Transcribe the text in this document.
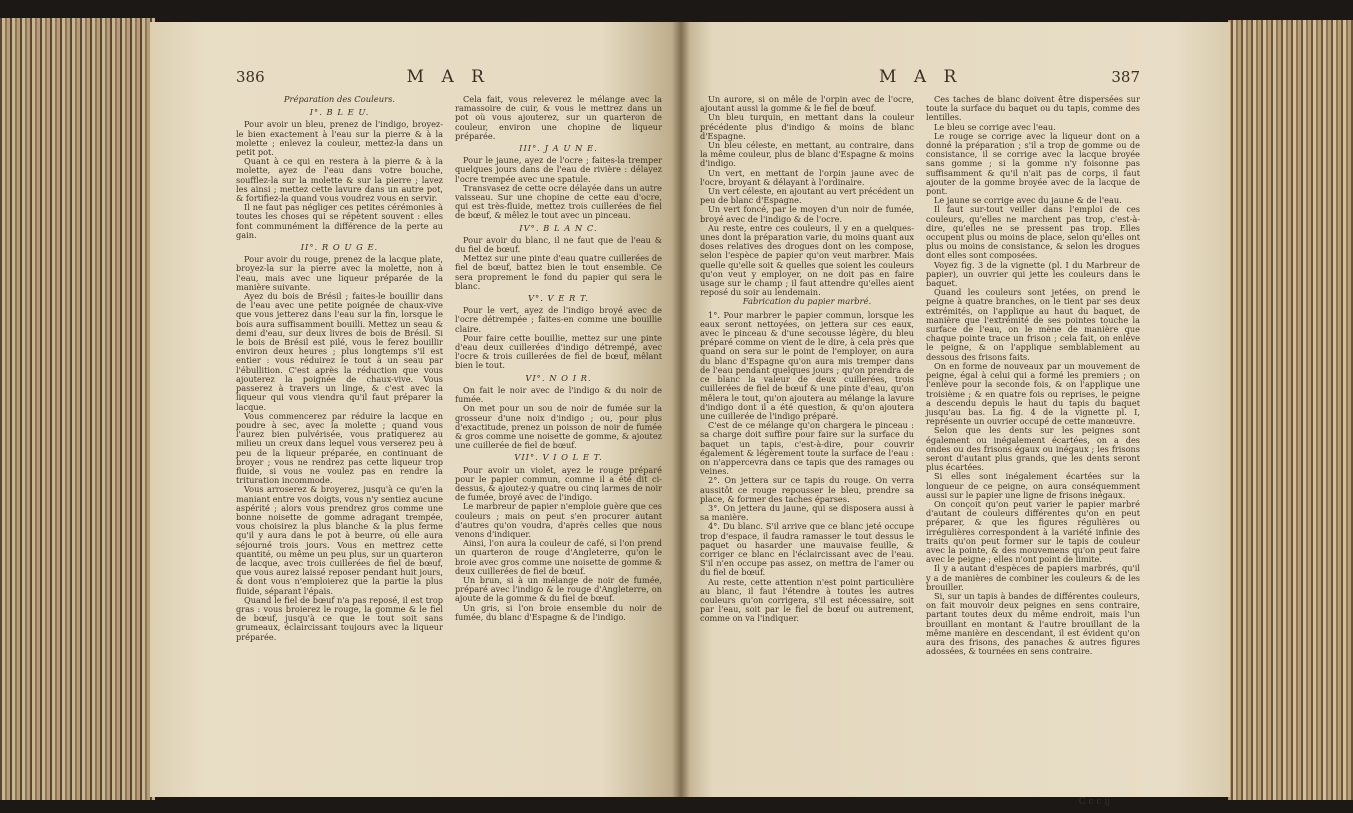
386	M A R
Préparation des Couleurs.
I°. B L E U.

Pour avoir un bleu, prenez de l'indigo, broyez-le bien exactement à l'eau sur la pierre & à la molette ; enlevez la couleur, mettez-la dans un petit pot.

Quant à ce qui en restera à la pierre & à la molette, ayez de l'eau dans votre bouche, soufflez-la sur la molette & sur la pierre ; lavez les ainsi ; mettez cette lavure dans un autre pot, & fortifiez-la quand vous voudrez vous en servir.

Il ne faut pas négliger ces petites cérémonies à toutes les choses qui se répètent souvent : elles font communément la différence de la perte au gain.

II°. R O U G E.

Pour avoir du rouge, prenez de la lacque plate, broyez-la sur la pierre avec la molette, non à l'eau, mais avec une liqueur préparée de la manière suivante.

Ayez du bois de Brésil ; faites-le bouillir dans de l'eau avec une petite poignée de chaux-vive que vous jetterez dans l'eau sur la fin, lorsque le bois aura suffisamment bouilli. Mettez un seau & demi d'eau, sur deux livres de bois de Brésil. Si le bois de Brésil est pilé, vous le ferez bouillir environ deux heures ; plus longtemps s'il est entier : vous réduirez le tout à un seau par l'ébullition. C'est après la réduction que vous ajouterez la poignée de chaux-vive. Vous passerez à travers un linge, & c'est avec la liqueur qui vous viendra qu'il faut préparer la lacque.

Vous commencerez par réduire la lacque en poudre à sec, avec la molette ; quand vous l'aurez bien pulvérisée, vous pratiquerez au milieu un creux dans lequel vous verserez peu à peu de la liqueur préparée, en continuant de broyer ; vous ne rendrez pas cette liqueur trop fluide, si vous ne voulez pas en rendre la trituration incommode.

Vous arroserez & broyerez, jusqu'à ce qu'en la maniant entre vos doigts, vous n'y sentiez aucune aspérité ; alors vous prendrez gros comme une bonne noisette de gomme adragant trempée, vous choisirez la plus blanche & la plus ferme qu'il y aura dans le pot à beurre, où elle aura séjourné trois jours. Vous en mettrez cette quantité, ou même un peu plus, sur un quarteron de lacque, avec trois cuillerées de fiel de bœuf, que vous aurez laissé reposer pendant huit jours, & dont vous n'emploierez que la partie la plus fluide, séparant l'épais.

Quand le fiel de bœuf n'a pas reposé, il est trop gras : vous broierez le rouge, la gomme & le fiel de bœuf, jusqu'à ce que le tout soit sans grumeaux, éclaircissant toujours avec la liqueur préparée.

Cela fait, vous releverez le mélange avec la ramassoire de cuir, & vous le mettrez dans un pot où vous ajouterez, sur un quarteron de couleur, environ une chopine de liqueur préparée.

III°. J A U N E.

Pour le jaune, ayez de l'ocre ; faites-la tremper quelques jours dans de l'eau de rivière : délayez l'ocre trempée avec une spatule.

Transvasez de cette ocre délayée dans un autre vaisseau. Sur une chopine de cette eau d'ocre, qui est très-fluide, mettez trois cuillerées de fiel de bœuf, & mêlez le tout avec un pinceau.

IV°. B L A N C.

Pour avoir du blanc, il ne faut que de l'eau & du fiel de bœuf.

Mettez sur une pinte d'eau quatre cuillerées de fiel de bœuf, battez bien le tout ensemble. Ce sera proprement le fond du papier qui sera le blanc.

V°. V E R T.

Pour le vert, ayez de l'indigo broyé avec de l'ocre détrempée ; faites-en comme une bouillie claire.

Pour faire cette bouillie, mettez sur une pinte d'eau deux cuillerées d'indigo détrempé, avec l'ocre & trois cuillerées de fiel de bœuf, mêlant bien le tout.

VI°. N O I R.

On fait le noir avec de l'indigo & du noir de fumée.

On met pour un sou de noir de fumée sur la grosseur d'une noix d'indigo ; ou, pour plus d'exactitude, prenez un poisson de noir de fumée & gros comme une noisette de gomme, & ajoutez une cuillerée de fiel de bœuf.

VII°. V I O L E T.

Pour avoir un violet, ayez le rouge préparé pour le papier commun, comme il a été dit ci-dessus, & ajoutez-y quatre ou cinq larmes de noir de fumée, broyé avec de l'indigo.

Le marbreur de papier n'emploie guère que ces couleurs ; mais on peut s'en procurer autant d'autres qu'on voudra, d'après celles que nous venons d'indiquer.

Ainsi, l'on aura la couleur de café, si l'on prend un quarteron de rouge d'Angleterre, qu'on le broie avec gros comme une noisette de gomme & deux cuillerées de fiel de bœuf.

Un brun, si à un mélange de noir de fumée, préparé avec l'indigo & le rouge d'Angleterre, on ajoute de la gomme & du fiel de bœuf.

Un gris, si l'on broie ensemble du noir de fumée, du blanc d'Espagne & de l'indigo.

M A R	387

Un aurore, si on mêle de l'orpin avec de l'ocre, ajoutant aussi la gomme & le fiel de bœuf.

Un bleu turquin, en mettant dans la couleur précédente plus d'indigo & moins de blanc d'Espagne.

Un bleu céleste, en mettant, au contraire, dans la même couleur, plus de blanc d'Espagne & moins d'indigo.

Un vert, en mettant de l'orpin jaune avec de l'ocre, broyant & délayant à l'ordinaire.

Un vert céleste, en ajoutant au vert précédent un peu de blanc d'Espagne.

Un vert foncé, par le moyen d'un noir de fumée, broyé avec de l'indigo & de l'ocre.

Au reste, entre ces couleurs, il y en a quelques-unes dont la préparation varie, du moins quant aux doses relatives des drogues dont on les compose, selon l'espèce de papier qu'on veut marbrer. Mais quelle qu'elle soit & quelles que soient les couleurs qu'on veut y employer, on ne doit pas en faire usage sur le champ ; il faut attendre qu'elles aient reposé du soir au lendemain.

Fabrication du papier marbré.

1°. Pour marbrer le papier commun, lorsque les eaux seront nettoyées, on jettera sur ces eaux, avec le pinceau & d'une secousse légère, du bleu préparé comme on vient de le dire, à cela près que quand on sera sur le point de l'employer, on aura du blanc d'Espagne qu'on aura mis tremper dans de l'eau pendant quelques jours ; qu'on prendra de ce blanc la valeur de deux cuillerées, trois cuillerées de fiel de bœuf & une pinte d'eau, qu'on mêlera le tout, qu'on ajoutera au mélange la lavure d'indigo dont il a été question, & qu'on ajoutera une cuillerée de l'indigo préparé.

C'est de ce mélange qu'on chargera le pinceau : sa charge doit suffire pour faire sur la surface du baquet un tapis, c'est-à-dire, pour couvrir également & légèrement toute la surface de l'eau : on n'appercevra dans ce tapis que des ramages ou veines.

2°. On jettera sur ce tapis du rouge. On verra aussitôt ce rouge repousser le bleu, prendre sa place, & former des taches éparses.

3°. On jettera du jaune, qui se disposera aussi à sa manière.

4°. Du blanc. S'il arrive que ce blanc jeté occupe trop d'espace, il faudra ramasser le tout dessus le paquet ou hasarder une mauvaise feuille, & corriger ce blanc en l'éclaircissant avec de l'eau. S'il n'en occupe pas assez, on mettra de l'amer ou du fiel de bœuf.

Au reste, cette attention n'est point particulière au blanc, il faut l'étendre à toutes les autres couleurs qu'on corrigera, s'il est nécessaire, soit par l'eau, soit par le fiel de bœuf ou autrement, comme on va l'indiquer.

Ces taches de blanc doivent être dispersées sur toute la surface du baquet ou du tapis, comme des lentilles.

Le bleu se corrige avec l'eau.

Le rouge se corrige avec la liqueur dont on a donné la préparation ; s'il a trop de gomme ou de consistance, il se corrige avec la lacque broyée sans gomme ; si la gomme n'y foisonne pas suffisamment & qu'il n'ait pas de corps, il faut ajouter de la gomme broyée avec de la lacque de pont.

Le jaune se corrige avec du jaune & de l'eau.

Il faut sur-tout veiller dans l'emploi de ces couleurs, qu'elles ne marchent pas trop, c'est-à-dire, qu'elles ne se pressent pas trop. Elles occupent plus ou moins de place, selon qu'elles ont plus ou moins de consistance, & selon les drogues dont elles sont composées.

Voyez fig. 3 de la vignette (pl. I du Marbreur de papier), un ouvrier qui jette les couleurs dans le baquet.

Quand les couleurs sont jetées, on prend le peigne à quatre branches, on le tient par ses deux extrémités, on l'applique au haut du baquet, de manière que l'extrémité de ses pointes touche la surface de l'eau, on le mène de manière que chaque pointe trace un frison ; cela fait, on enlève le peigne, & on l'applique semblablement au dessous des frisons faits.

On en forme de nouveaux par un mouvement de peigne, égal à celui qui a formé les premiers ; on l'enlève pour la seconde fois, & on l'applique une troisième ; & en quatre fois ou reprises, le peigne a descendu depuis le haut du tapis du baquet jusqu'au bas. La fig. 4 de la vignette pl. I, représente un ouvrier occupé de cette manœuvre.

Selon que les dents sur les peignes sont également ou inégalement écartées, on a des ondes ou des frisons égaux ou inégaux ; les frisons seront d'autant plus grands, que les dents seront plus écartées.

Si elles sont inégalement écartées sur la longueur de ce peigne, on aura conséquemment aussi sur le papier une ligne de frisons inégaux.

On conçoit qu'on peut varier le papier marbré d'autant de couleurs différentes qu'on en peut préparer, & que les figures régulières ou irrégulières correspondent à la variété infinie des traits qu'on peut former sur le tapis de couleur avec la pointe, & des mouvemens qu'on peut faire avec le peigne ; elles n'ont point de limite.

Il y a autant d'espèces de papiers marbrés, qu'il y a de manières de combiner les couleurs & de les brouiller.

Si, sur un tapis à bandes de différentes couleurs, on fait mouvoir deux peignes en sens contraire, partant toutes deux du même endroit, mais l'un brouillant en montant & l'autre brouillant de la même manière en descendant, il est évident qu'on aura des frisons, des panaches & autres figures adossées, & tournées en sens contraire.

C c c ij
